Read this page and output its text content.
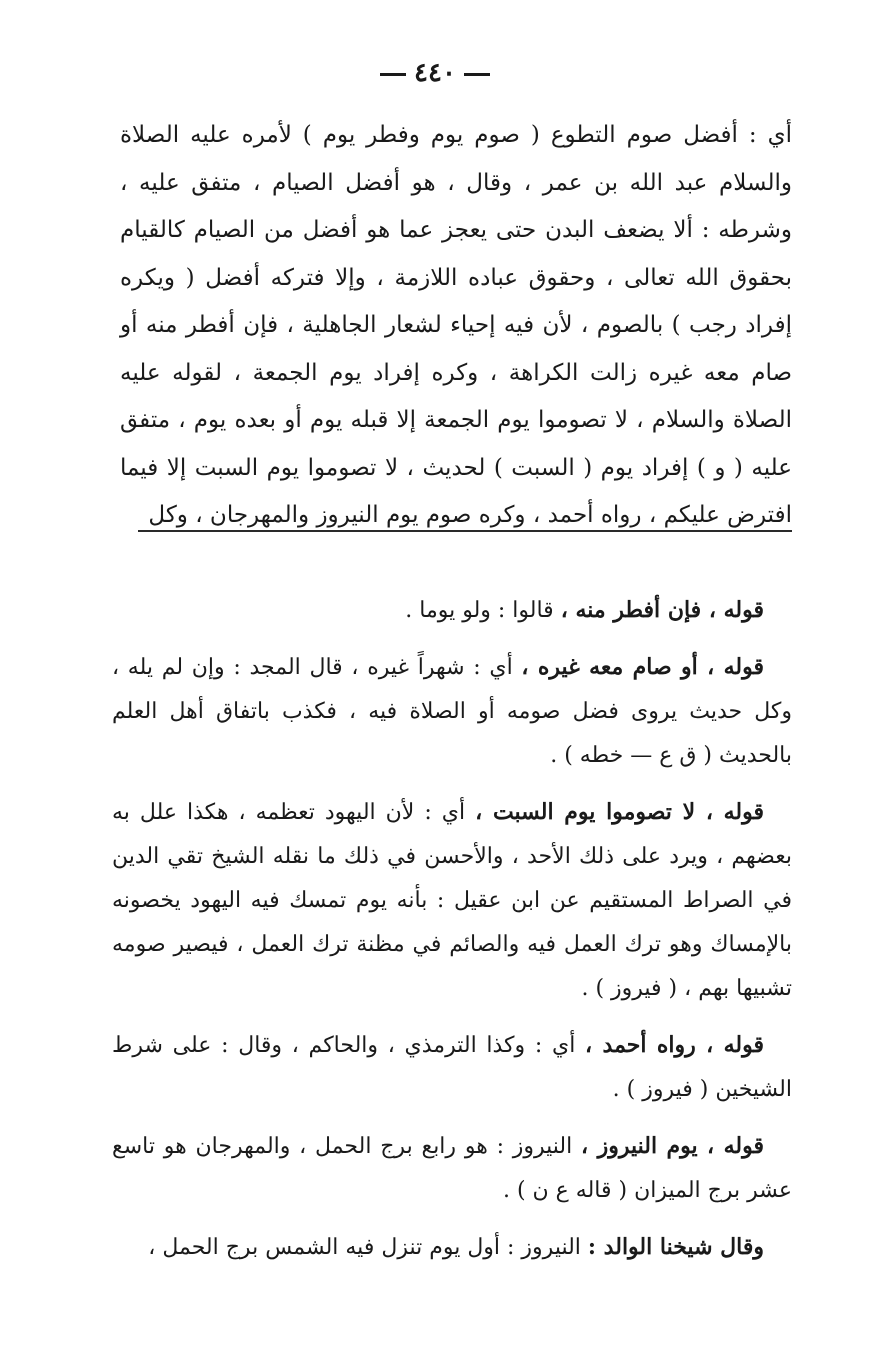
٤٤٠

أي : أفضل صوم التطوع ( صوم يوم وفطر يوم ) لأمره عليه الصلاة والسلام عبد الله بن عمر ، وقال ، هو أفضل الصيام ، متفق عليه ، وشرطه : ألا يضعف البدن حتى يعجز عما هو أفضل من الصيام كالقيام بحقوق الله تعالى ، وحقوق عباده اللازمة ، وإلا فتركه أفضل ( ويكره إفراد رجب ) بالصوم ، لأن فيه إحياء لشعار الجاهلية ، فإن أفطر منه أو صام معه غيره زالت الكراهة ، وكره إفراد يوم الجمعة ، لقوله عليه الصلاة والسلام ، لا تصوموا يوم الجمعة إلا قبله يوم أو بعده يوم ، متفق عليه ( و ) إفراد يوم ( السبت ) لحديث ، لا تصوموا يوم السبت إلا فيما افترض عليكم ، رواه أحمد ، وكره صوم يوم النيروز والمهرجان ، وكل

قوله ، فإن أفطر منه ، قالوا : ولو يوما .

قوله ، أو صام معه غيره ، أي : شهراً غيره ، قال المجد : وإن لم يله ، وكل حديث يروى فضل صومه أو الصلاة فيه ، فكذب باتفاق أهل العلم بالحديث ( ق ع — خطه ) .

قوله ، لا تصوموا يوم السبت ، أي : لأن اليهود تعظمه ، هكذا علل به بعضهم ، ويرد على ذلك الأحد ، والأحسن في ذلك ما نقله الشيخ تقي الدين في الصراط المستقيم عن ابن عقيل : بأنه يوم تمسك فيه اليهود يخصونه بالإمساك وهو ترك العمل فيه والصائم في مظنة ترك العمل ، فيصير صومه تشبيها بهم ، ( فيروز ) .

قوله ، رواه أحمد ، أي : وكذا الترمذي ، والحاكم ، وقال : على شرط الشيخين ( فيروز ) .

قوله ، يوم النيروز ، النيروز : هو رابع برج الحمل ، والمهرجان هو تاسع عشر برج الميزان ( قاله ع ن ) .

وقال شيخنا الوالد : النيروز : أول يوم تنزل فيه الشمس برج الحمل ،
